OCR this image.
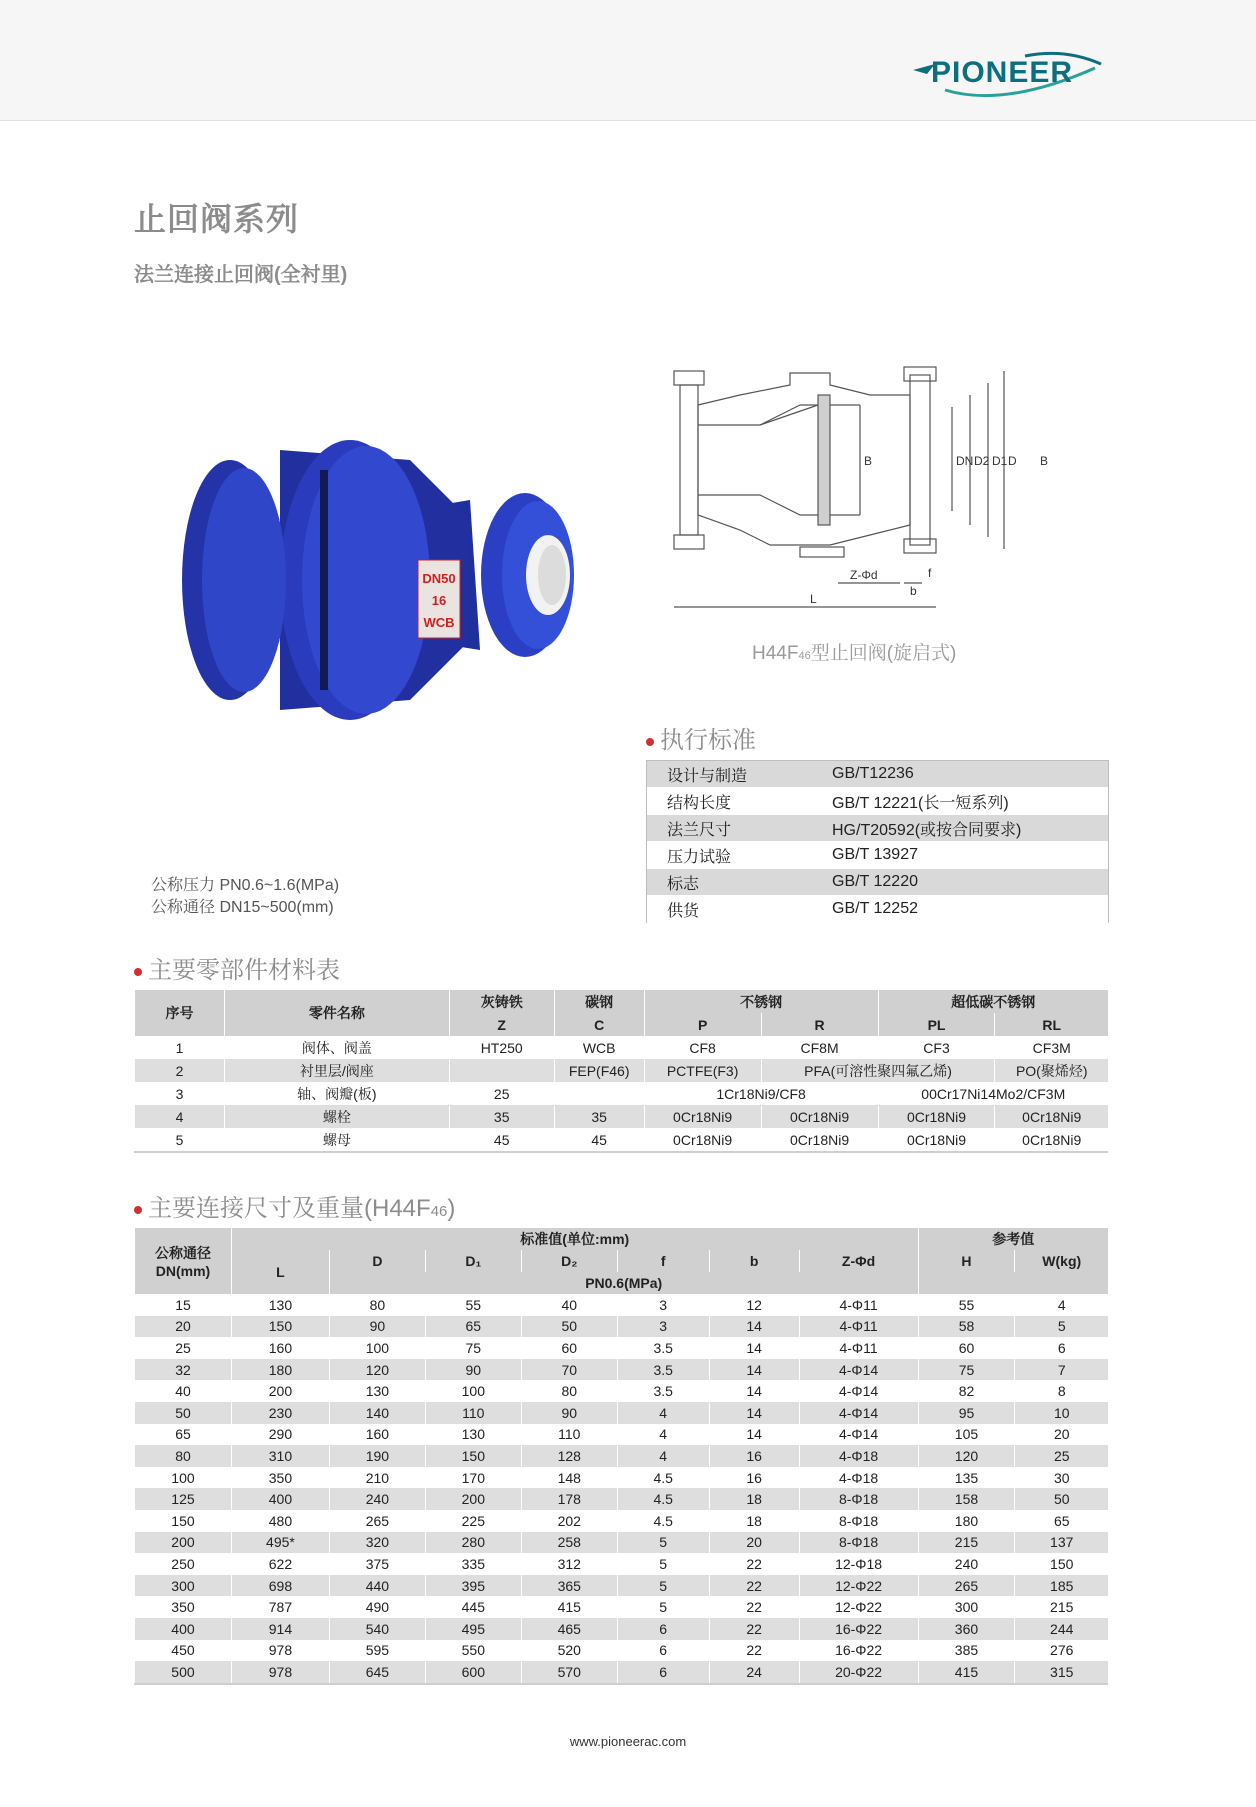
PIONEER
止回阀系列
法兰连接止回阀(全衬里)
DN50
16
WCB
公称压力 PN0.6~1.6(MPa)
公称通径 DN15~500(mm)
L
Z-Φd
b
f
B	DN D2 D1 D B
H44F46型止回阀(旋启式)
执行标准
设计与制造	GB/T12236
结构长度	GB/T 12221(长一短系列)
法兰尺寸	HG/T20592(或按合同要求)
压力试验	GB/T 13927
标志	GB/T 12220
供货	GB/T 12252
主要零部件材料表
序号	零件名称	灰铸铁	碳钢	不锈钢		超低碳不锈钢	
		Z	C	P	R	PL	RL
1	阀体、阀盖	HT250	WCB	CF8	CF8M	CF3	CF3M
2	衬里层/阀座		FEP(F46)	PCTFE(F3)	PFA(可溶性聚四氟乙烯)		PO(聚烯烃)
3	轴、阀瓣(板)	25		1Cr18Ni9/CF8		00Cr17Ni14Mo2/CF3M	
4	螺栓	35	35	0Cr18Ni9	0Cr18Ni9	0Cr18Ni9	0Cr18Ni9
5	螺母	45	45	0Cr18Ni9	0Cr18Ni9	0Cr18Ni9	0Cr18Ni9
主要连接尺寸及重量(H44F46)
公称通径
DN(mm)	标准值(单位:mm)							参考值	
	L	D	D₁	D₂	f	b	Z-Φd	H	W(kg)
		PN0.6(MPa)							
15	130	80	55	40	3	12	4-Φ11	55	4
20	150	90	65	50	3	14	4-Φ11	58	5
25	160	100	75	60	3.5	14	4-Φ11	60	6
32	180	120	90	70	3.5	14	4-Φ14	75	7
40	200	130	100	80	3.5	14	4-Φ14	82	8
50	230	140	110	90	4	14	4-Φ14	95	10
65	290	160	130	110	4	14	4-Φ14	105	20
80	310	190	150	128	4	16	4-Φ18	120	25
100	350	210	170	148	4.5	16	4-Φ18	135	30
125	400	240	200	178	4.5	18	8-Φ18	158	50
150	480	265	225	202	4.5	18	8-Φ18	180	65
200	495*	320	280	258	5	20	8-Φ18	215	137
250	622	375	335	312	5	22	12-Φ18	240	150
300	698	440	395	365	5	22	12-Φ22	265	185
350	787	490	445	415	5	22	12-Φ22	300	215
400	914	540	495	465	6	22	16-Φ22	360	244
450	978	595	550	520	6	22	16-Φ22	385	276
500	978	645	600	570	6	24	20-Φ22	415	315
www.pioneerac.com
